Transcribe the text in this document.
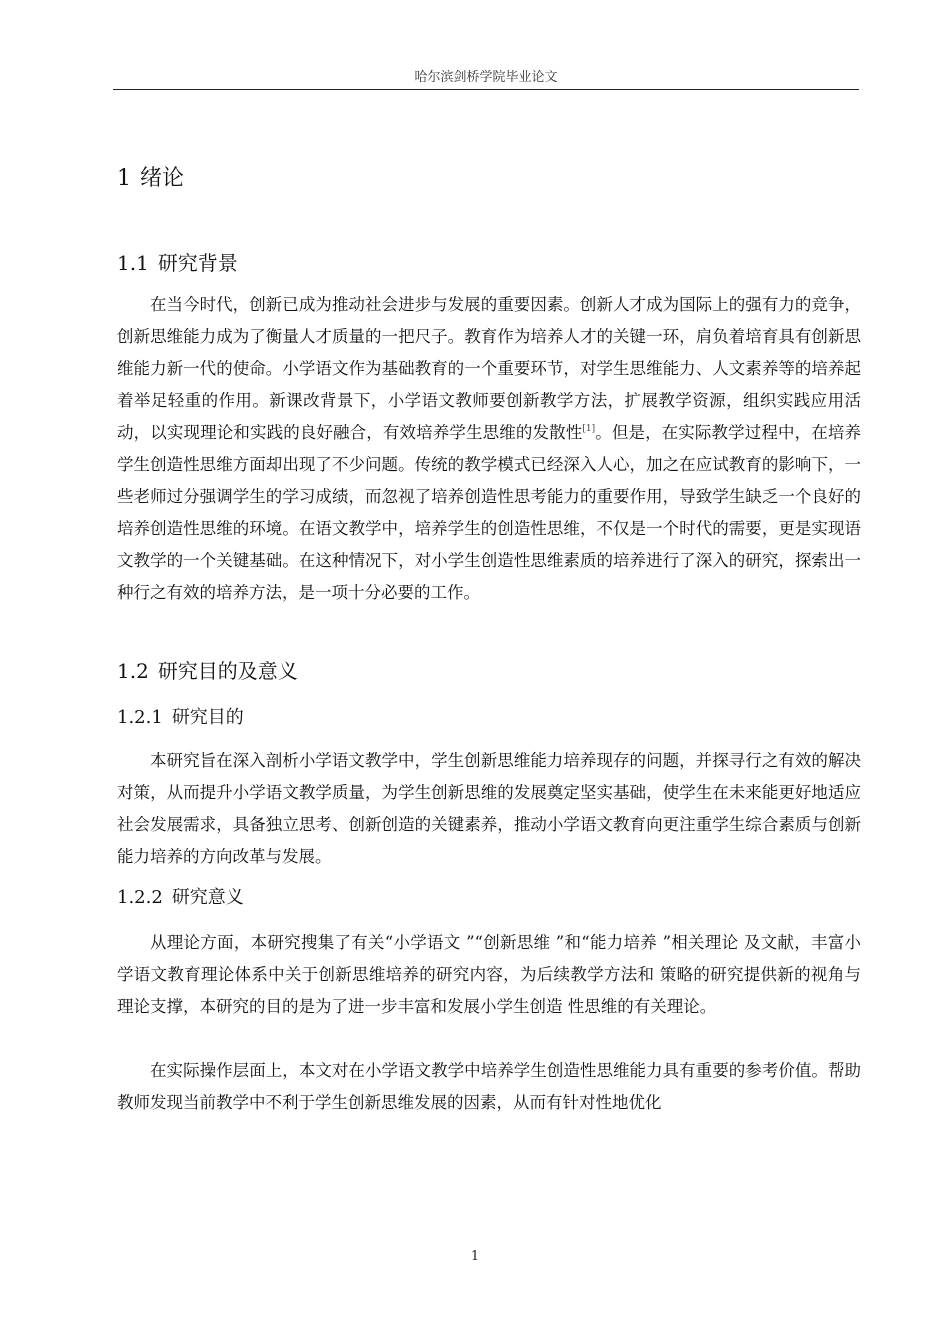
哈尔滨剑桥学院毕业论文
1 绪论
1.1 研究背景

在当今时代，创新已成为推动社会进步与发展的重要因素。创新人才成为国际上的强有力的竞争，创新思维能力成为了衡量人才质量的一把尺子。教育作为培养人才的关键一环，肩负着培育具有创新思维能力新一代的使命。小学语文作为基础教育的一个重要环节，对学生思维能力、人文素养等的培养起着举足轻重的作用。新课改背景下，小学语文教师要创新教学方法，扩展教学资源，组织实践应用活动，以实现理论和实践的良好融合，有效培养学生思维的发散性[1]。但是，在实际教学过程中，在培养学生创造性思维方面却出现了不少问题。传统的教学模式已经深入人心，加之在应试教育的影响下，一些老师过分强调学生的学习成绩，而忽视了培养创造性思考能力的重要作用，导致学生缺乏一个良好的培养创造性思维的环境。在语文教学中，培养学生的创造性思维，不仅是一个时代的需要，更是实现语文教学的一个关键基础。在这种情况下，对小学生创造性思维素质的培养进行了深入的研究，探索出一种行之有效的培养方法，是一项十分必要的工作。

1.2 研究目的及意义
1.2.1 研究目的

本研究旨在深入剖析小学语文教学中，学生创新思维能力培养现存的问题，并探寻行之有效的解决对策，从而提升小学语文教学质量，为学生创新思维的发展奠定坚实基础，使学生在未来能更好地适应社会发展需求，具备独立思考、创新创造的关键素养，推动小学语文教育向更注重学生综合素质与创新能力培养的方向改革与发展。

1.2.2 研究意义

从理论方面，本研究搜集了有关“小学语文 ”“创新思维 ”和“能力培养 ”相关理论 及文献，丰富小学语文教育理论体系中关于创新思维培养的研究内容，为后续教学方法和 策略的研究提供新的视角与理论支撑，本研究的目的是为了进一步丰富和发展小学生创造 性思维的有关理论。

在实际操作层面上，本文对在小学语文教学中培养学生创造性思维能力具有重要的参考价值。帮助教师发现当前教学中不利于学生创新思维发展的因素，从而有针对性地优化

1
